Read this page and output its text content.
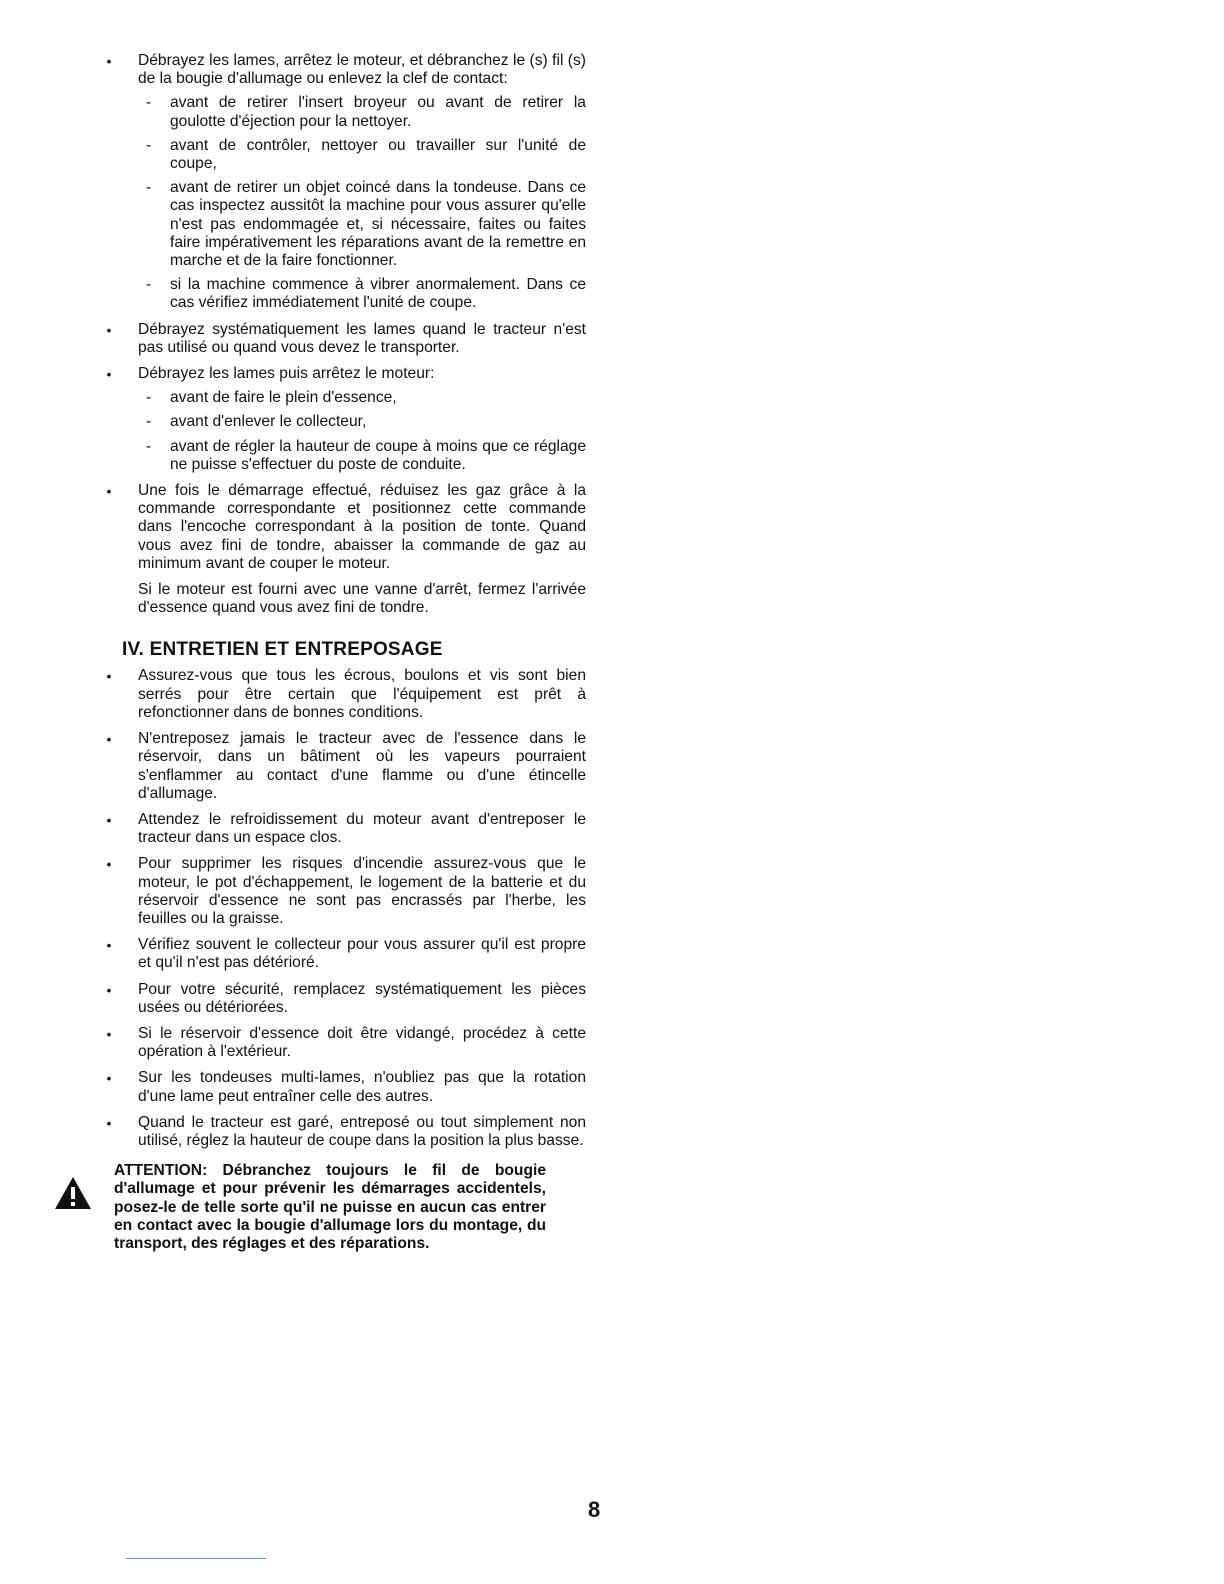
• Débrayez les lames, arrêtez le moteur, et débranchez le (s) fil (s) de la bougie d'allumage ou enlevez la clef de contact:
- avant de retirer l'insert broyeur ou avant de retirer la goulotte d'éjection pour la nettoyer.
- avant de contrôler, nettoyer ou travailler sur l'unité de coupe,
- avant de retirer un objet coincé dans la tondeuse. Dans ce cas inspectez aussitôt la machine pour vous assurer qu'elle n'est pas endommagée et, si nécessaire, faites ou faites faire impérativement les réparations avant de la remettre en marche et de la faire fonctionner.
- si la machine commence à vibrer anormalement. Dans ce cas vérifiez immédiatement l'unité de coupe.
• Débrayez systématiquement les lames quand le tracteur n'est pas utilisé ou quand vous devez le transporter.
• Débrayez les lames puis arrêtez le moteur:
- avant de faire le plein d'essence,
- avant d'enlever le collecteur,
- avant de régler la hauteur de coupe à moins que ce réglage ne puisse s'effectuer du poste de conduite.
• Une fois le démarrage effectué, réduisez les gaz grâce à la commande correspondante et positionnez cette commande dans l'encoche correspondant à la position de tonte. Quand vous avez fini de tondre, abaisser la commande de gaz au minimum avant de couper le moteur.
Si le moteur est fourni avec une vanne d'arrêt, fermez l'arrivée d'essence quand vous avez fini de tondre.
IV. ENTRETIEN ET ENTREPOSAGE
• Assurez-vous que tous les écrous, boulons et vis sont bien serrés pour être certain que l'équipement est prêt à refonctionner dans de bonnes conditions.
• N'entreposez jamais le tracteur avec de l'essence dans le réservoir, dans un bâtiment où les vapeurs pourraient s'enflammer au contact d'une flamme ou d'une étincelle d'allumage.
• Attendez le refroidissement du moteur avant d'entreposer le tracteur dans un espace clos.
• Pour supprimer les risques d'incendie assurez-vous que le moteur, le pot d'échappement, le logement de la batterie et du réservoir d'essence ne sont pas encrassés par l'herbe, les feuilles ou la graisse.
• Vérifiez souvent le collecteur pour vous assurer qu'il est propre et qu'il n'est pas détérioré.
• Pour votre sécurité, remplacez systématiquement les pièces usées ou détériorées.
• Si le réservoir d'essence doit être vidangé, procédez à cette opération à l'extérieur.
• Sur les tondeuses multi-lames, n'oubliez pas que la rotation d'une lame peut entraîner celle des autres.
• Quand le tracteur est garé, entreposé ou tout simplement non utilisé, réglez la hauteur de coupe dans la position la plus basse.
ATTENTION: Débranchez toujours le fil de bougie d'allumage et pour prévenir les démarrages accidentels, posez-le de telle sorte qu'il ne puisse en aucun cas entrer en contact avec la bougie d'allumage lors du montage, du transport, des réglages et des réparations.
8
